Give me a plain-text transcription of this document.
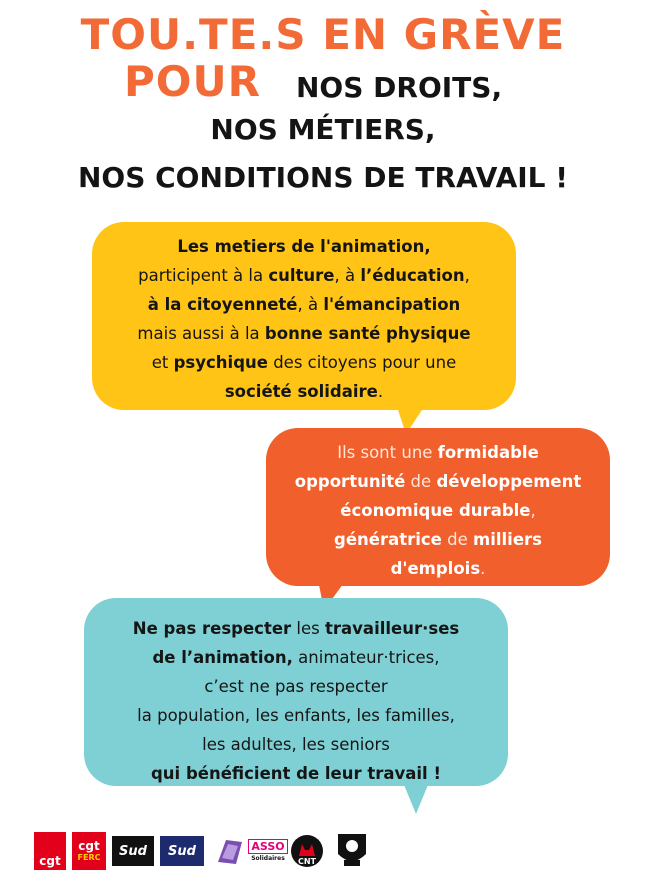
TOU.TE.S EN GRÈVE
POUR NOS DROITS,
NOS MÉTIERS,
NOS CONDITIONS DE TRAVAIL !
Les metiers de l'animation,
participent à la culture, à l’éducation,
à la citoyenneté, à l'émancipation
mais aussi à la bonne santé physique
et psychique des citoyens pour une
société solidaire.
Ils sont une formidable
opportunité de développement
économique durable,
génératrice de milliers
d'emplois.
Ne pas respecter les travailleur·ses
de l’animation, animateur·trices,
c’est ne pas respecter
la population, les enfants, les familles,
les adultes, les seniors
qui bénéficient de leur travail !
cgt
cgt
FERC Sud Sud	ASSO
Solidaires CNT
